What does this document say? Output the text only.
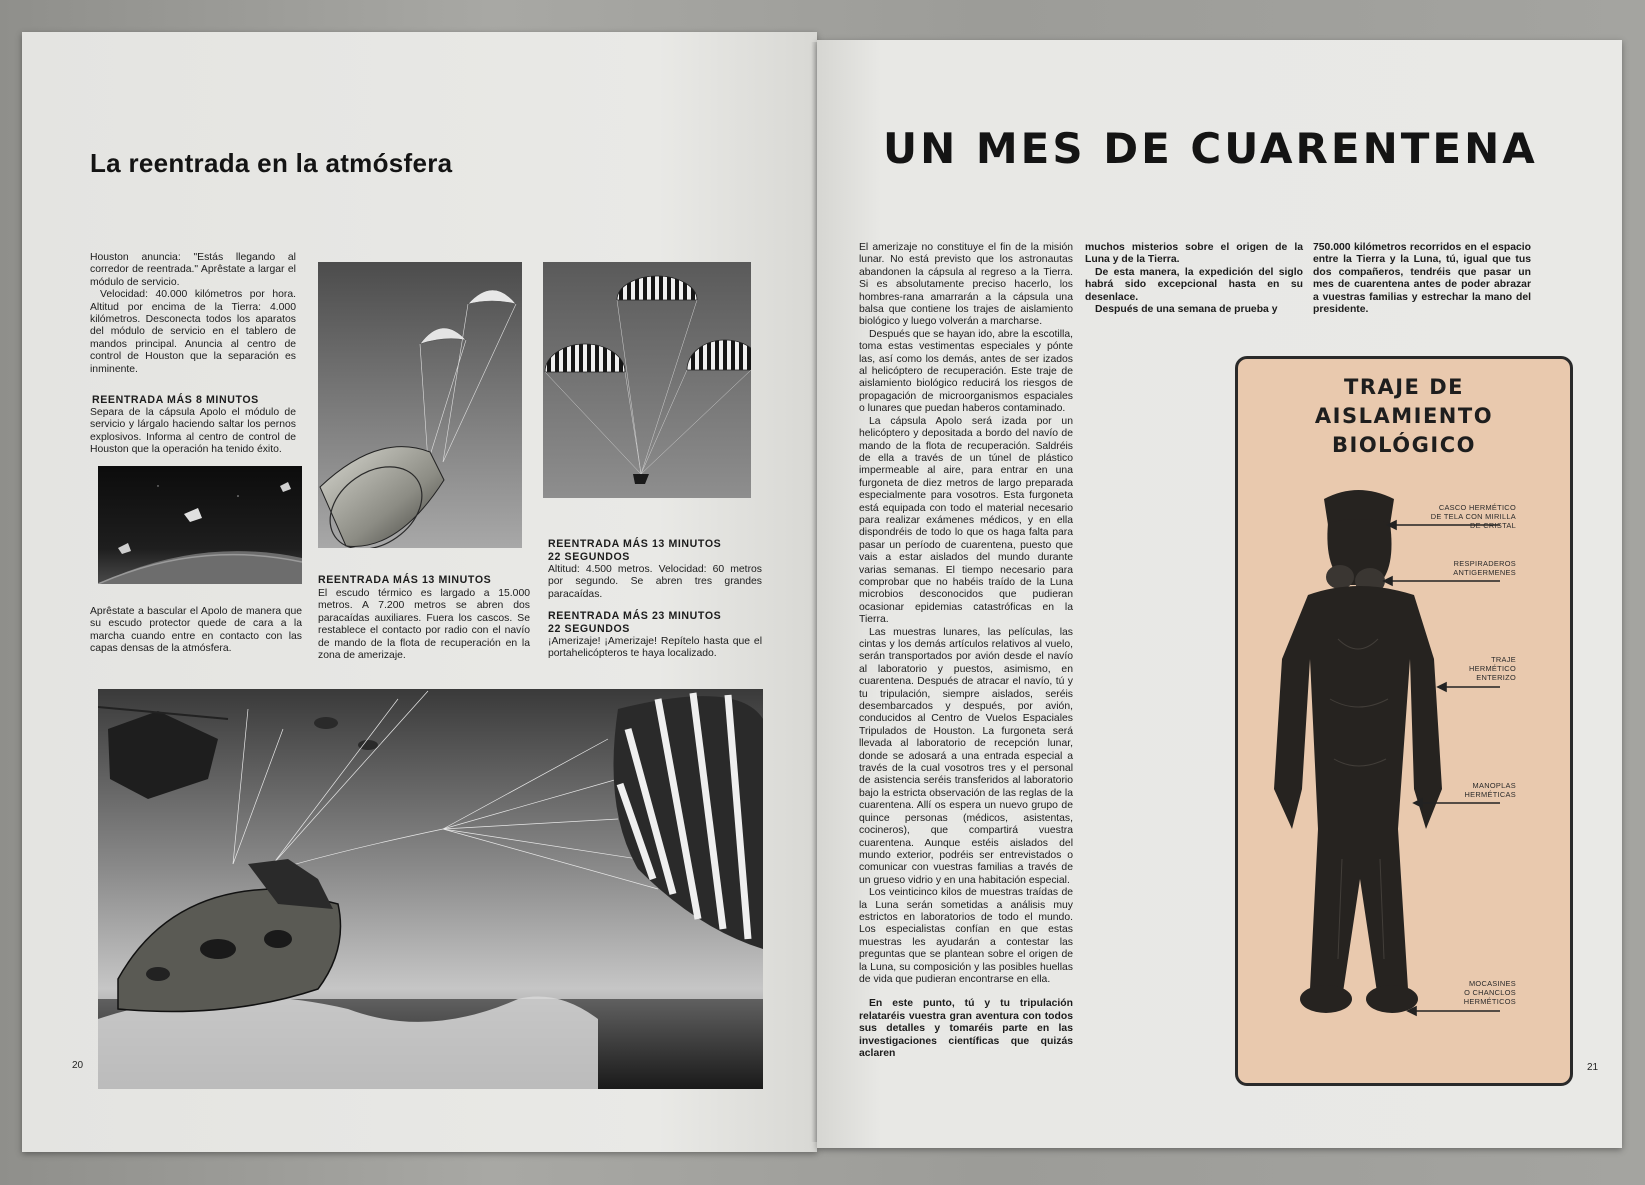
La reentrada en la atmósfera

Houston anuncia: "Estás llegando al corredor de reentrada." Aprêstate a largar el módulo de servicio.

Velocidad: 40.000 kilómetros por hora. Altitud por encima de la Tierra: 4.000 kilómetros. Desconecta todos los aparatos del módulo de servicio en el tablero de mandos principal. Anuncia al centro de control de Houston que la separación es inminente.

REENTRADA MÁS 8 MINUTOS
Separa de la cápsula Apolo el módulo de servicio y lárgalo haciendo saltar los pernos explosivos. Informa al centro de control de Houston que la operación ha tenido éxito.
Aprêstate a bascular el Apolo de manera que su escudo protector quede de cara a la marcha cuando entre en contacto con las capas densas de la atmósfera.
REENTRADA MÁS 13 MINUTOS
El escudo térmico es largado a 15.000 metros. A 7.200 metros se abren dos paracaídas auxiliares. Fuera los cascos. Se restablece el contacto por radio con el navío de mando de la flota de recuperación en la zona de amerizaje.
REENTRADA MÁS 13 MINUTOS
22 SEGUNDOS
Altitud: 4.500 metros. Velocidad: 60 metros por segundo. Se abren tres grandes paracaídas.
REENTRADA MÁS 23 MINUTOS
22 SEGUNDOS
¡Amerizaje! ¡Amerizaje! Repítelo hasta que el portahelicópteros te haya localizado.
20
UN MES DE CUARENTENA

El amerizaje no constituye el fin de la misión lunar. No está previsto que los astronautas abandonen la cápsula al regreso a la Tierra. Si es absolutamente preciso hacerlo, los hombres-rana amarrarán a la cápsula una balsa que contiene los trajes de aislamiento biológico y luego volverán a marcharse.

Después que se hayan ido, abre la escotilla, toma estas vestimentas especiales y pónte las, así como los demás, antes de ser izados al helicóptero de recuperación. Este traje de aislamiento biológico reducirá los riesgos de propagación de microorganismos espaciales o lunares que puedan haberos contaminado.

La cápsula Apolo será izada por un helicóptero y depositada a bordo del navío de mando de la flota de recuperación. Saldréis de ella a través de un túnel de plástico impermeable al aire, para entrar en una furgoneta de diez metros de largo preparada especialmente para vosotros. Esta furgoneta está equipada con todo el material necesario para realizar exámenes médicos, y en ella dispondréis de todo lo que os haga falta para pasar un período de cuarentena, puesto que vais a estar aislados del mundo durante varias semanas. El tiempo necesario para comprobar que no habéis traído de la Luna microbios desconocidos que pudieran ocasionar epidemias catastróficas en la Tierra.

Las muestras lunares, las películas, las cintas y los demás artículos relativos al vuelo, serán transportados por avión desde el navío al laboratorio y puestos, asimismo, en cuarentena. Después de atracar el navío, tú y tu tripulación, siempre aislados, seréis desembarcados y después, por avión, conducidos al Centro de Vuelos Espaciales Tripulados de Houston. La furgoneta será llevada al laboratorio de recepción lunar, donde se adosará a una entrada especial a través de la cual vosotros tres y el personal de asistencia seréis transferidos al laboratorio bajo la estricta observación de las reglas de la cuarentena. Allí os espera un nuevo grupo de quince personas (médicos, asistentas, cocineros), que compartirá vuestra cuarentena. Aunque estéis aislados del mundo exterior, podréis ser entrevistados o comunicar con vuestras familias a través de un grueso vidrio y en una habitación especial.

Los veinticinco kilos de muestras traídas de la Luna serán sometidas a análisis muy estrictos en laboratorios de todo el mundo. Los especialistas confían en que estas muestras les ayudarán a contestar las preguntas que se plantean sobre el origen de la Luna, su composición y las posibles huellas de vida que pudieran encontrarse en ella.

En este punto, tú y tu tripulación relataréis vuestra gran aventura con todos sus detalles y tomaréis parte en las investigaciones científicas que quizás aclaren

muchos misterios sobre el origen de la Luna y de la Tierra.

De esta manera, la expedición del siglo habrá sido excepcional hasta en su desenlace.

Después de una semana de prueba y

750.000 kilómetros recorridos en el espacio entre la Tierra y la Luna, tú, igual que tus dos compañeros, tendréis que pasar un mes de cuarentena antes de poder abrazar a vuestras familias y estrechar la mano del presidente.

TRAJE DE
AISLAMIENTO
BIOLÓGICO
CASCO HERMÉTICO
DE TELA CON MIRILLA
DE CRISTAL
RESPIRADEROS
ANTIGERMENES
TRAJE
HERMÉTICO
ENTERIZO
MANOPLAS
HERMÉTICAS
MOCASINES
O CHANCLOS
HERMÉTICOS
21
